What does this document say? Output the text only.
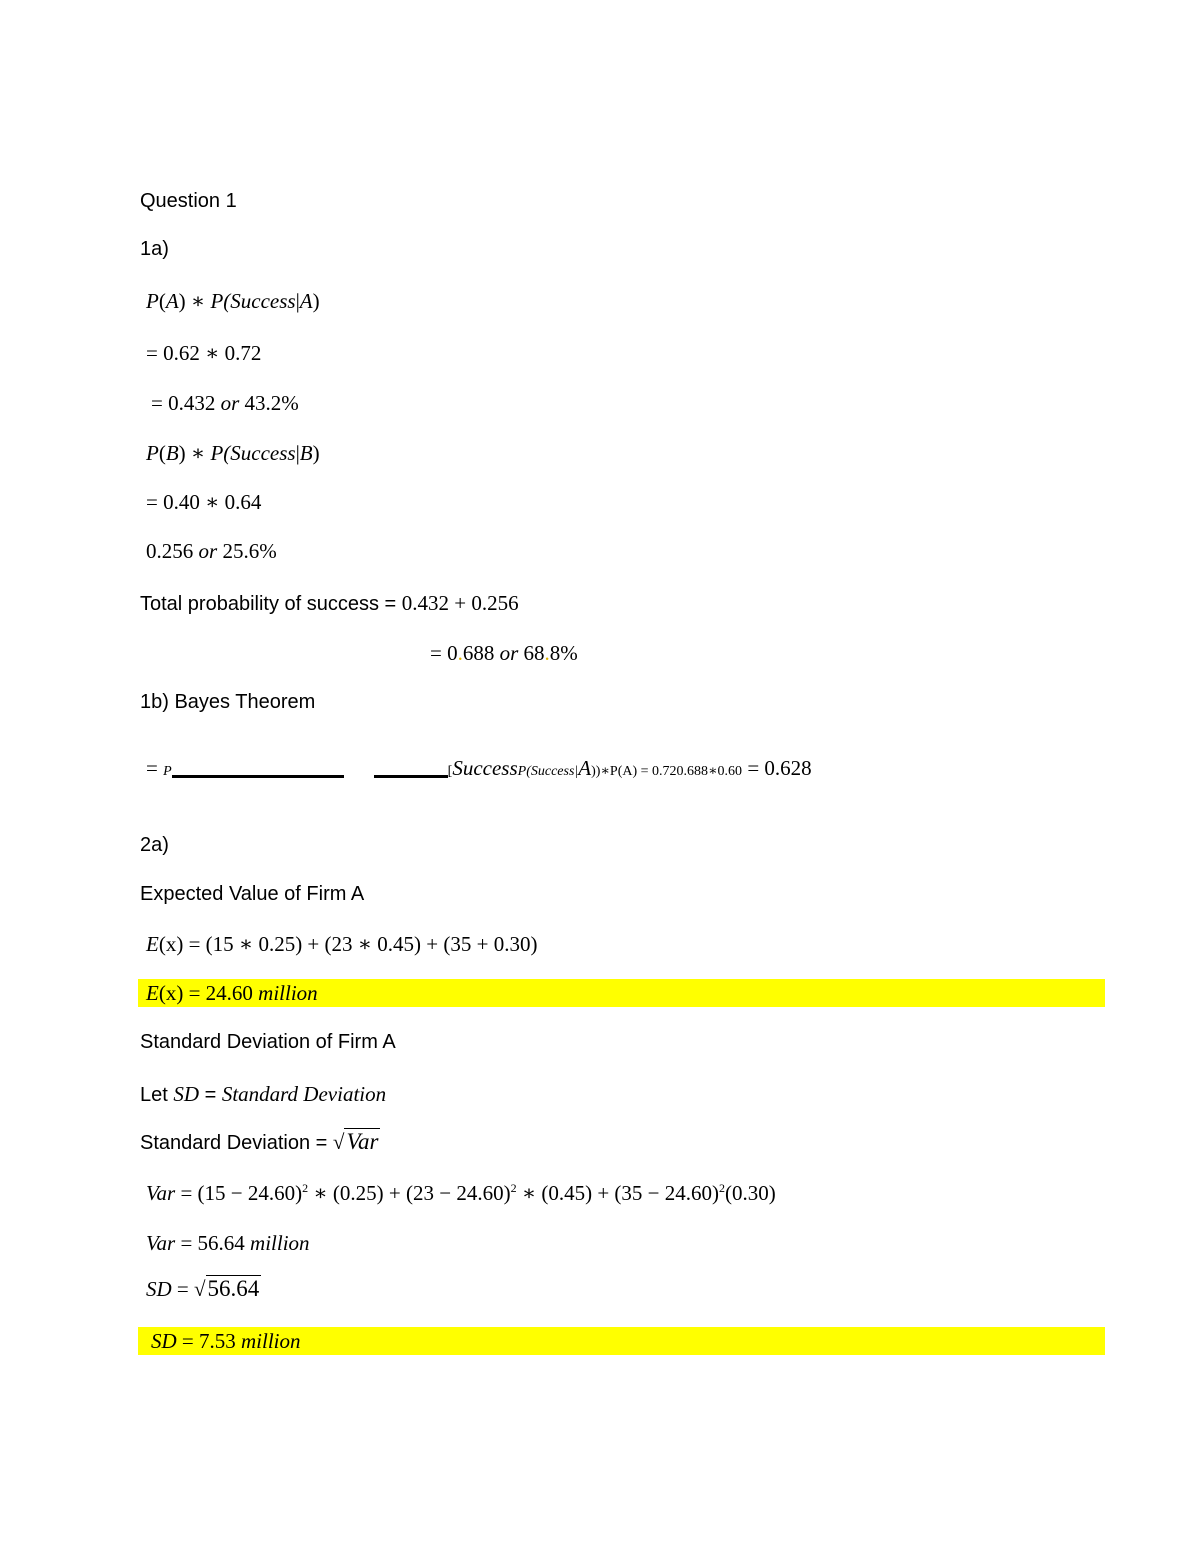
Question 1
1a)
P(A) ∗ P(Success|A)
= 0.62 ∗ 0.72
= 0.432 or 43.2%
P(B) ∗ P(Success|B)
= 0.40 ∗ 0.64
0.256 or 25.6%
Total probability of success = 0.432 + 0.256
= 0.688 or 68.8%
1b) Bayes Theorem
= P	[SuccessP(Success|A))∗P(A) = 0.720.688∗0.60 = 0.628
2a)
Expected Value of Firm A
E(x) = (15 ∗ 0.25) + (23 ∗ 0.45) + (35 + 0.30)
E(x) = 24.60 million
Standard Deviation of Firm A
Let SD = Standard Deviation
Standard Deviation = √Var
Var = $(15 - 24.60)^2$ ∗ $(0.25) + (23 - 24.60)^2$ ∗ $(0.45) + (35 - 24.60)^2(0.30)$
Var = 56.64 million
SD = √56.64
SD = 7.53 million
